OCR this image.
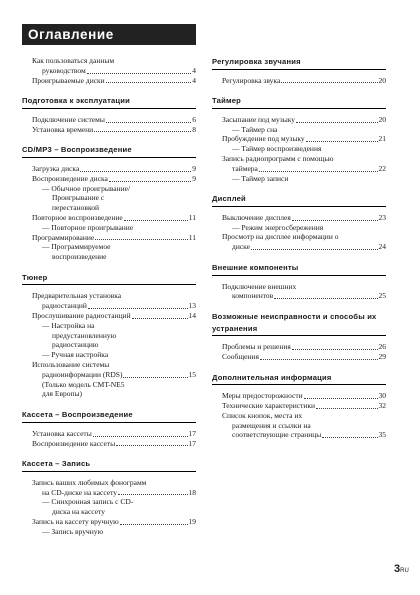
Оглавление
Как пользоваться данным
руководством	4
Проигрываемые диски	4
Подготовка к эксплуатации
Подключение системы	6
Установка времени	8
CD/MP3 – Воспроизведение
Загрузка диска	9
Воспроизведение диска	9
— Обычное проигрывание/
Проигрывание с
перестановкой
Повторное воспроизведение	11
— Повторное проигрывание
Программирование	11
— Программируемое
воспроизведение
Тюнер
Предварительная установка
радиостанций	13
Прослушивание радиостанций	14
— Настройка на
предустановленную
радиостанцию
— Ручная настройка
Использование системы
радиоинформации (RDS)	15
(Только модель CMT-NE5
для Европы)
Кассета – Воспроизведение
Установка кассеты	17
Воспроизведение кассеты	17
Кассета – Запись
Запись ваших любимых фонограмм
на CD-диске на кассету	18
— Синхронная запись с CD-
диска на кассету
Запись на кассету вручную	19
— Запись вручную
Регулировка звучания
Регулировка звука	20
Таймер
Засыпание под музыку	20
— Таймер сна
Пробуждение под музыку	21
— Таймер воспроизведения
Запись радиопрограмм с помощью
таймера	22
— Таймер записи
Дисплей
Выключение дисплея	23
— Режим энергосбережения
Просмотр на дисплее информации о
диске	24
Внешние компоненты
Подключение внешних
компонентов	25
Возможные неисправности и способы их устранения
Проблемы и решения	26
Сообщения	29
Дополнительная информация
Меры предосторожности	30
Технические характеристики	32
Список кнопок, места их
размещения и ссылки на
соответствующие страницы	35
3RU
